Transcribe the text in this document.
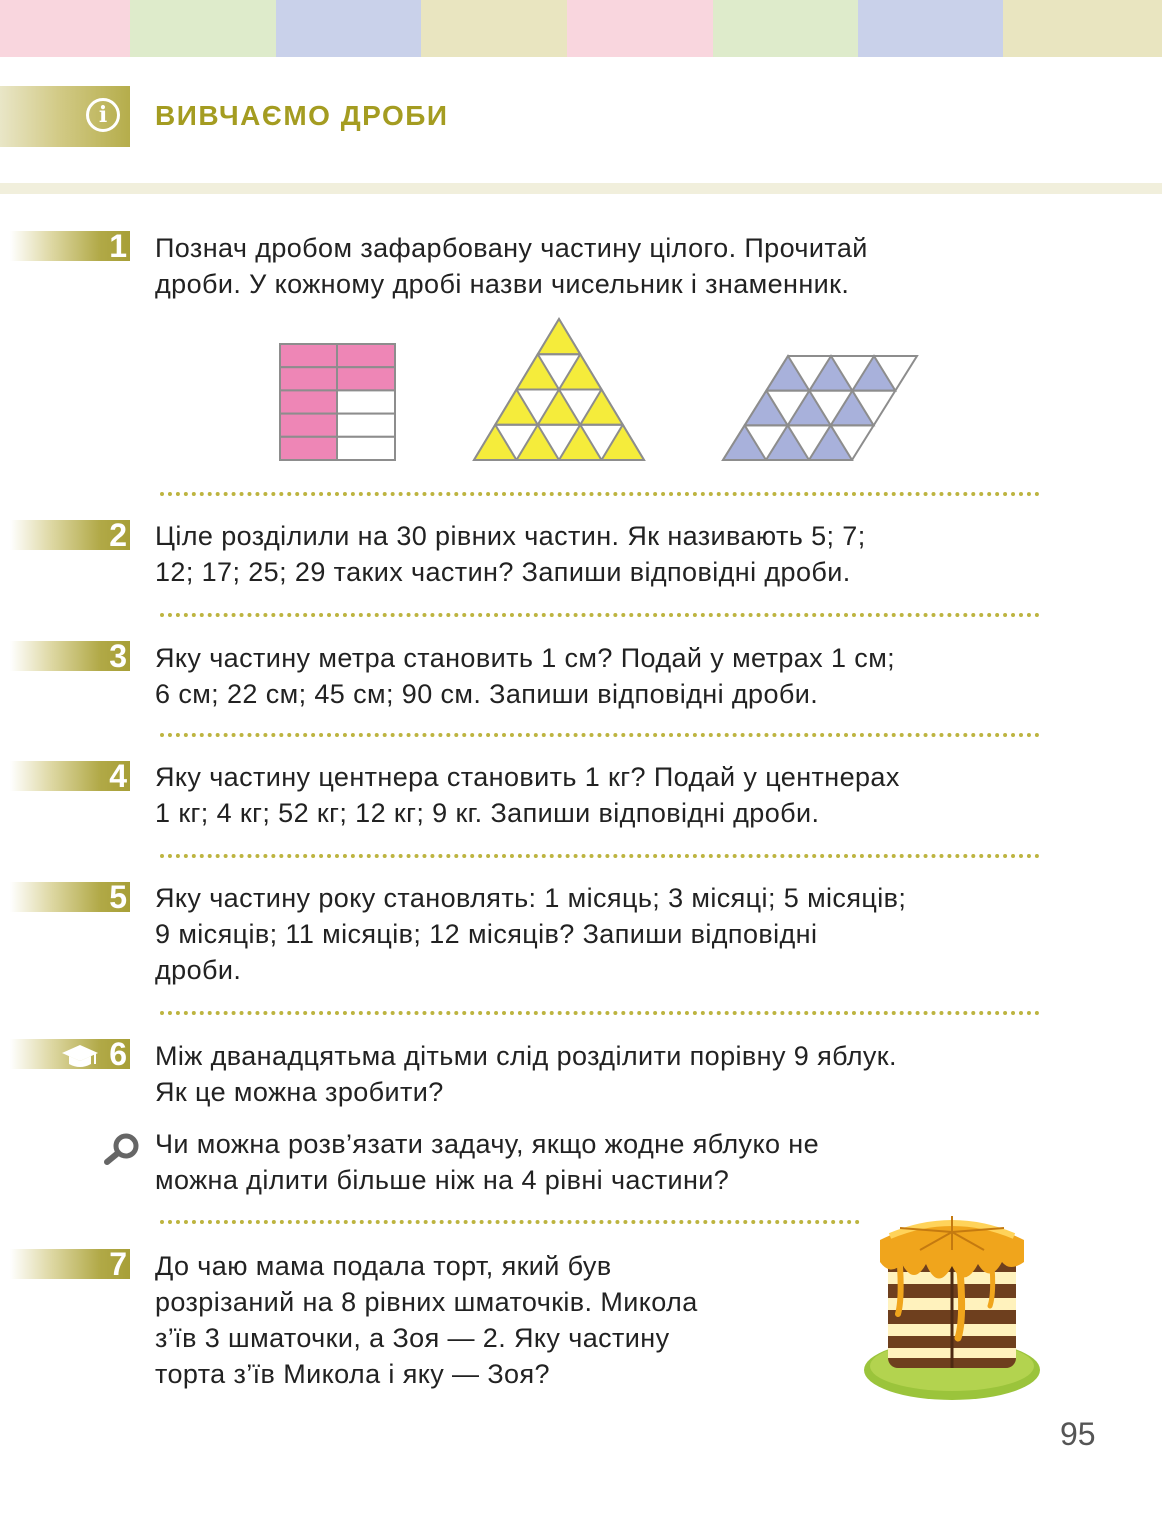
i	ВИВЧАЄМО ДРОБИ
1 Познач дробом зафарбовану частину цілого. Прочитай
дроби. У кожному дробі назви чисельник і знаменник.
2 Ціле розділили на 30 рівних частин. Як називають 5; 7;
12; 17; 25; 29 таких частин? Запиши відповідні дроби.
3 Яку частину метра становить 1 см? Подай у метрах 1 см;
6 см; 22 см; 45 см; 90 см. Запиши відповідні дроби.
4 Яку частину центнера становить 1 кг? Подай у центнерах
1 кг; 4 кг; 52 кг; 12 кг; 9 кг. Запиши відповідні дроби.
5 Яку частину року становлять: 1 місяць; 3 місяці; 5 місяців;
9 місяців; 11 місяців; 12 місяців? Запиши відповідні
дроби.
6 Між дванадцятьма дітьми слід розділити порівну 9 яблук.
Як це можна зробити?
Чи можна розв’язати задачу, якщо жодне яблуко не
можна ділити більше ніж на 4 рівні частини?
7 До чаю мама подала торт, який був
розрізаний на 8 рівних шматочків. Микола
з’їв 3 шматочки, а Зоя — 2. Яку частину
торта з’їв Микола і яку — Зоя?
95
